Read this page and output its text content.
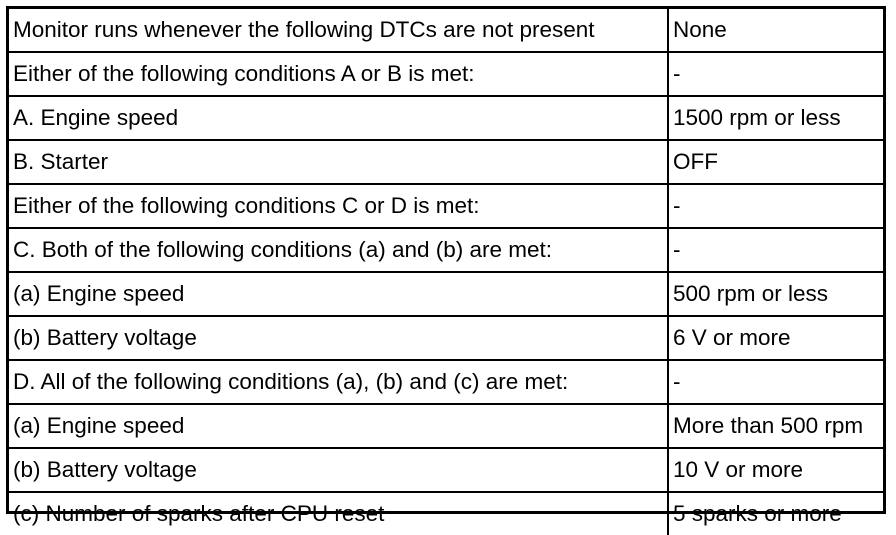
Monitor runs whenever the following DTCs are not present	None
Either of the following conditions A or B is met:	-
A. Engine speed	1500 rpm or less
B. Starter	OFF
Either of the following conditions C or D is met:	-
C. Both of the following conditions (a) and (b) are met:	-
(a) Engine speed	500 rpm or less
(b) Battery voltage	6 V or more
D. All of the following conditions (a), (b) and (c) are met:	-
(a) Engine speed	More than 500 rpm
(b) Battery voltage	10 V or more
(c) Number of sparks after CPU reset	5 sparks or more
